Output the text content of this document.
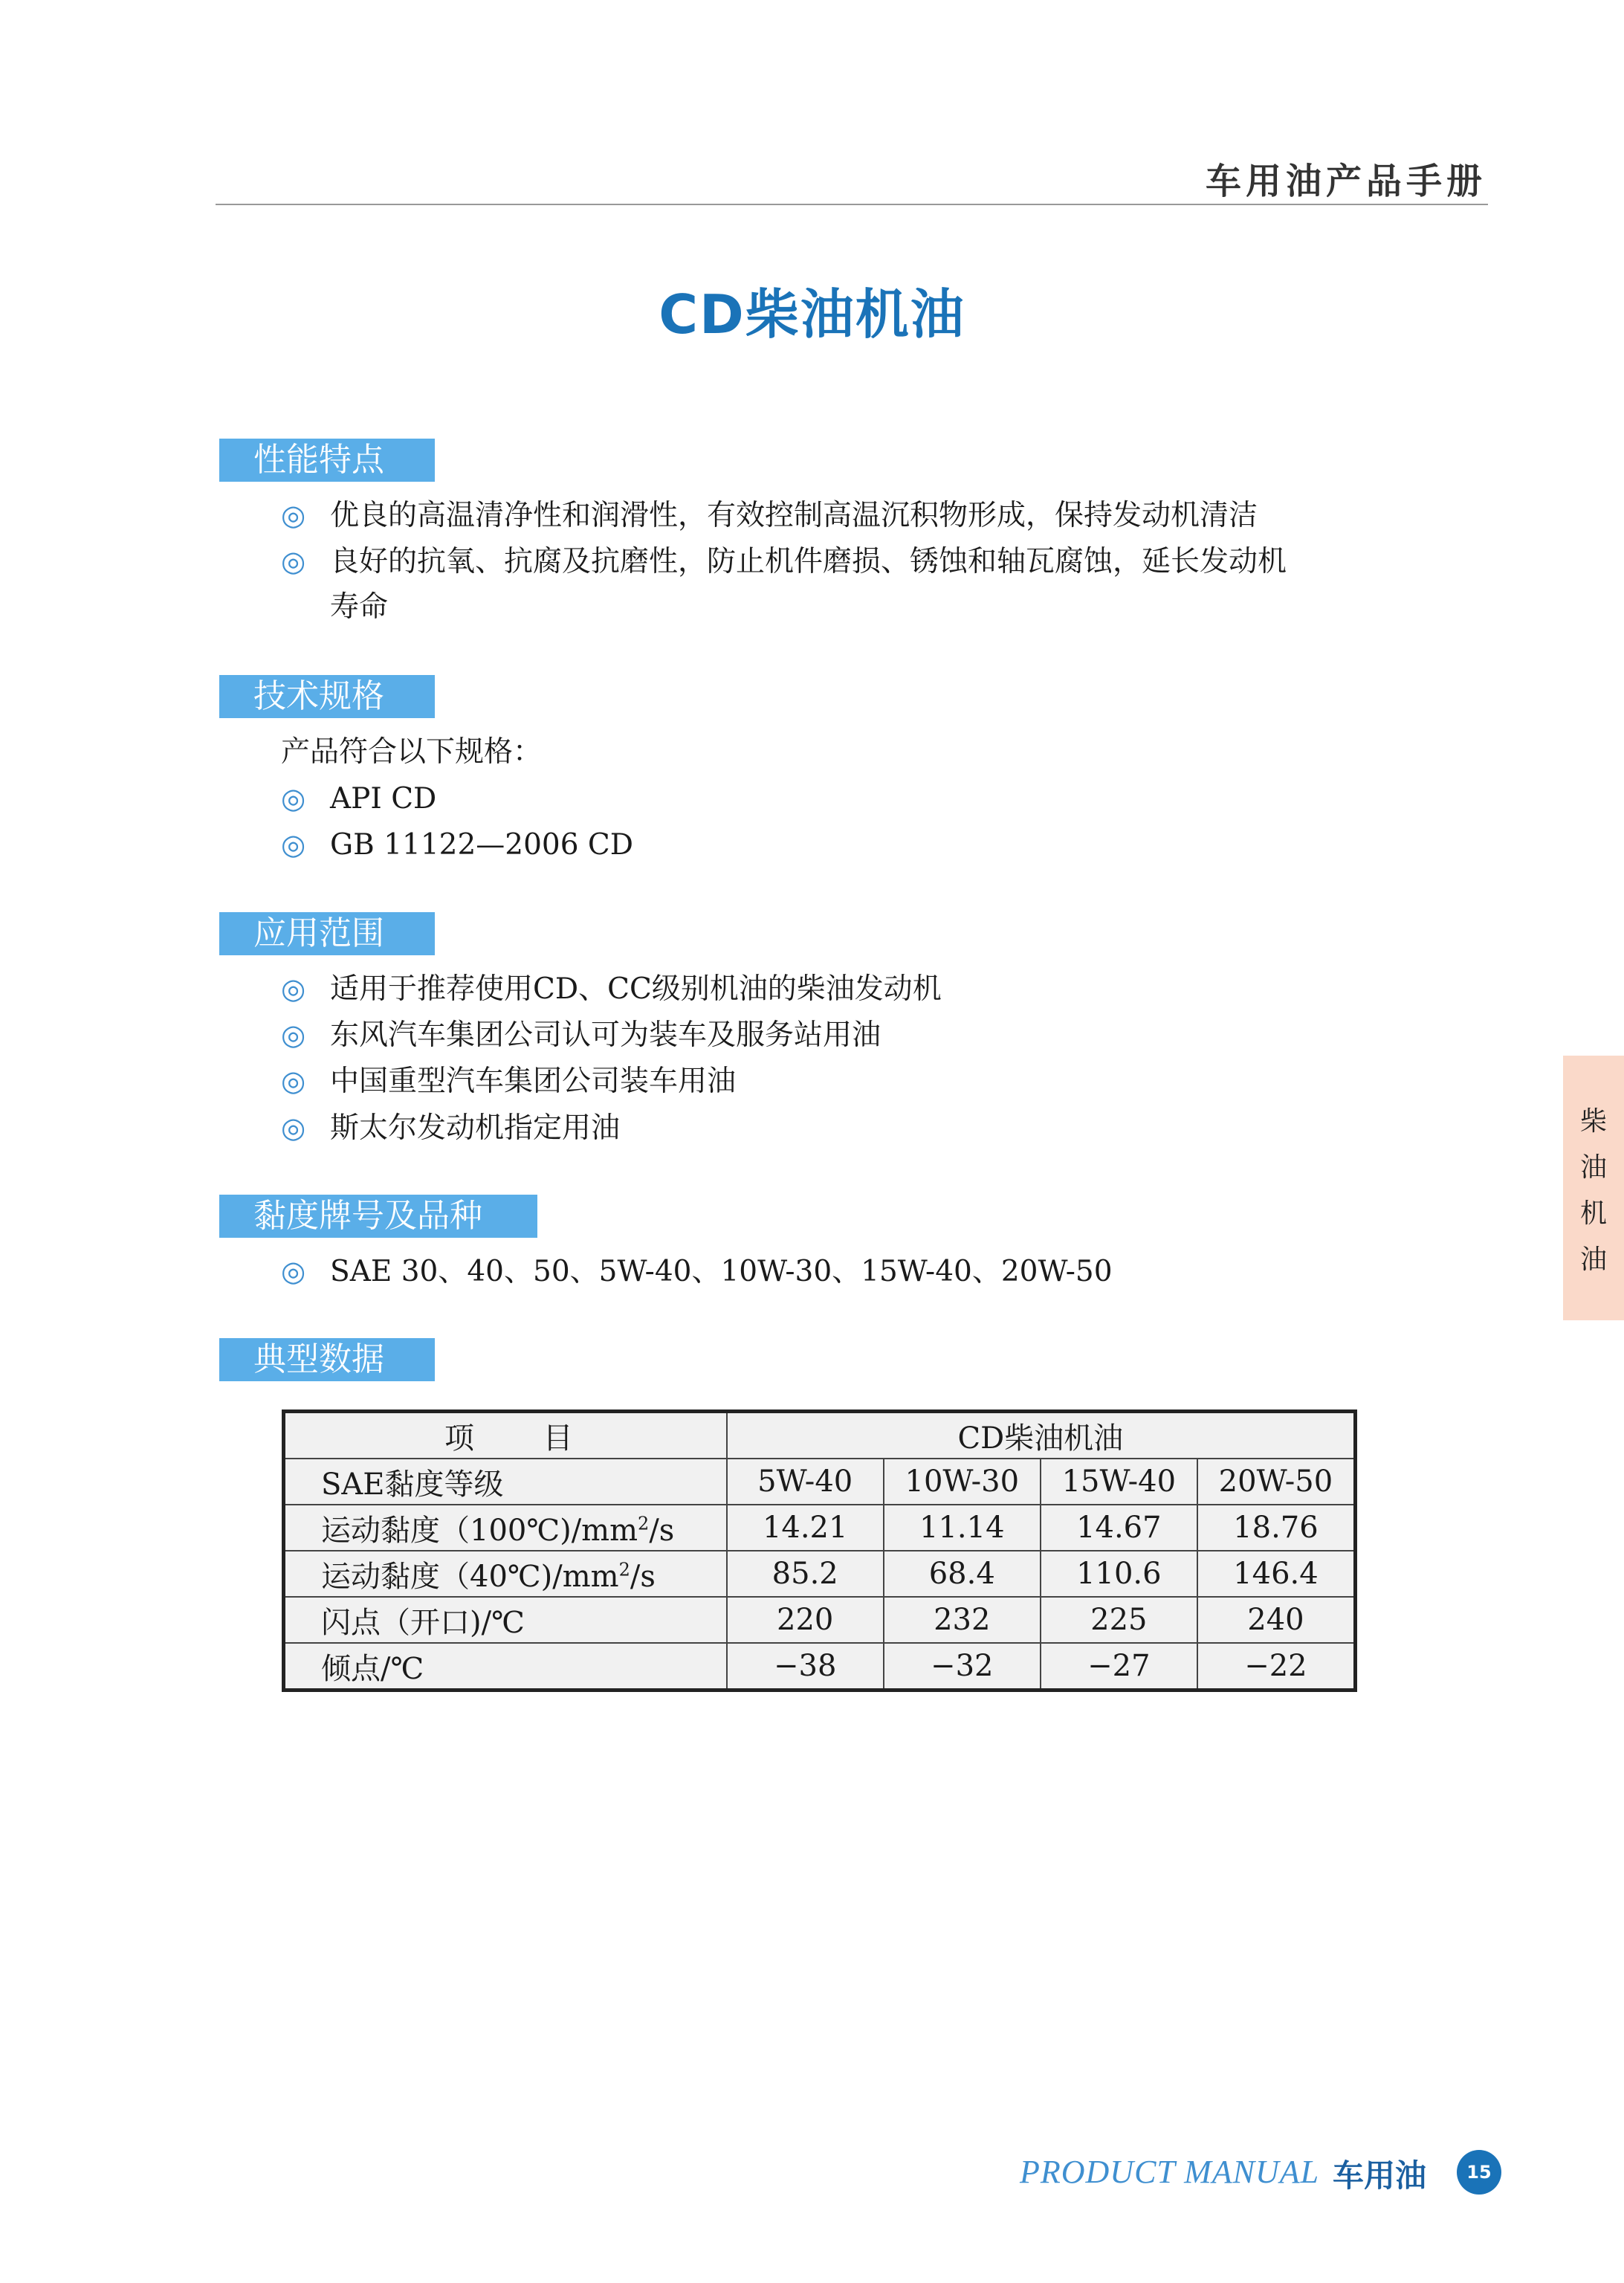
车用油产品手册
CD柴油机油
性能特点
◎ 优良的高温清净性和润滑性，有效控制高温沉积物形成，保持发动机清洁
◎ 良好的抗氧、抗腐及抗磨性，防止机件磨损、锈蚀和轴瓦腐蚀，延长发动机
寿命
技术规格
产品符合以下规格：
◎ API CD
◎ GB 11122—2006 CD
应用范围
◎ 适用于推荐使用CD、CC级别机油的柴油发动机
◎ 东风汽车集团公司认可为装车及服务站用油
◎ 中国重型汽车集团公司装车用油
◎ 斯太尔发动机指定用油
黏度牌号及品种
◎ SAE 30、40、50、5W-40、10W-30、15W-40、20W-50
典型数据
项 目	CD柴油机油			
SAE黏度等级	5W-40	10W-30	15W-40	20W-50
运动黏度$(100℃)/mm^2/s$	14.21	11.14	14.67	18.76
运动黏度$(40℃)/mm^2/s$	85.2	68.4	110.6	146.4
闪点（开口)/℃	220	232	225	240
倾点/℃	−38	−32	−27	−22
柴
油
机
油
PRODUCT MANUAL 车用油	15
